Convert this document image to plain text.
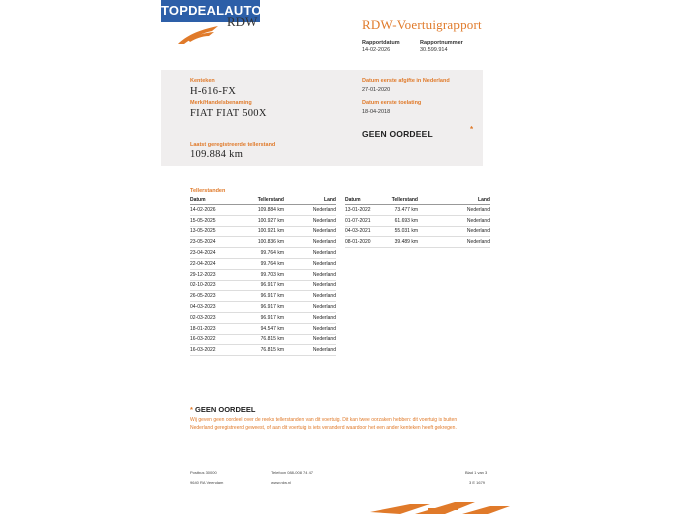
TOPDEALAUTO.NL
RDW	RDW-Voertuigrapport
Rapportdatum
14-02-2026
Rapportnummer
30.599.914
Kenteken
H-616-FX
Merk/Handelsbenaming
FIAT FIAT 500X
Laatst geregistreerde tellerstand
109.884 km
Datum eerste afgifte in Nederland
27-01-2020
Datum eerste toelating
18-04-2018
GEEN OORDEEL	*
Tellerstanden
Datum	Tellerstand	Land
14-02-2026	109.884 km	Nederland
15-05-2025	100.927 km	Nederland
13-05-2025	100.921 km	Nederland
23-05-2024	100.836 km	Nederland
23-04-2024	99.764 km	Nederland
22-04-2024	99.764 km	Nederland
29-12-2023	99.703 km	Nederland
02-10-2023	96.917 km	Nederland
26-05-2023	96.917 km	Nederland
04-03-2023	96.917 km	Nederland
02-03-2023	96.917 km	Nederland
18-01-2023	94.547 km	Nederland
16-03-2022	76.815 km	Nederland
16-03-2022	76.815 km	Nederland
Datum	Tellerstand	Land
13-01-2022	73.477 km	Nederland
01-07-2021	61.693 km	Nederland
04-03-2021	55.031 km	Nederland
08-01-2020	39.489 km	Nederland
* GEEN OORDEEL
Wij geven geen oordeel over de reeks tellerstanden van dit voertuig. Dit kan twee oorzaken hebben: dit voertuig is buiten Nederland geregistreerd geweest, of aan dit voertuig is iets veranderd waardoor het een ander kenteken heeft gekregen.
Postbus 30000
9640 RA Veendam
Telefoon 088-008 74 47
www.rdw.nl
Blad 1 van 3
3 E 1679
